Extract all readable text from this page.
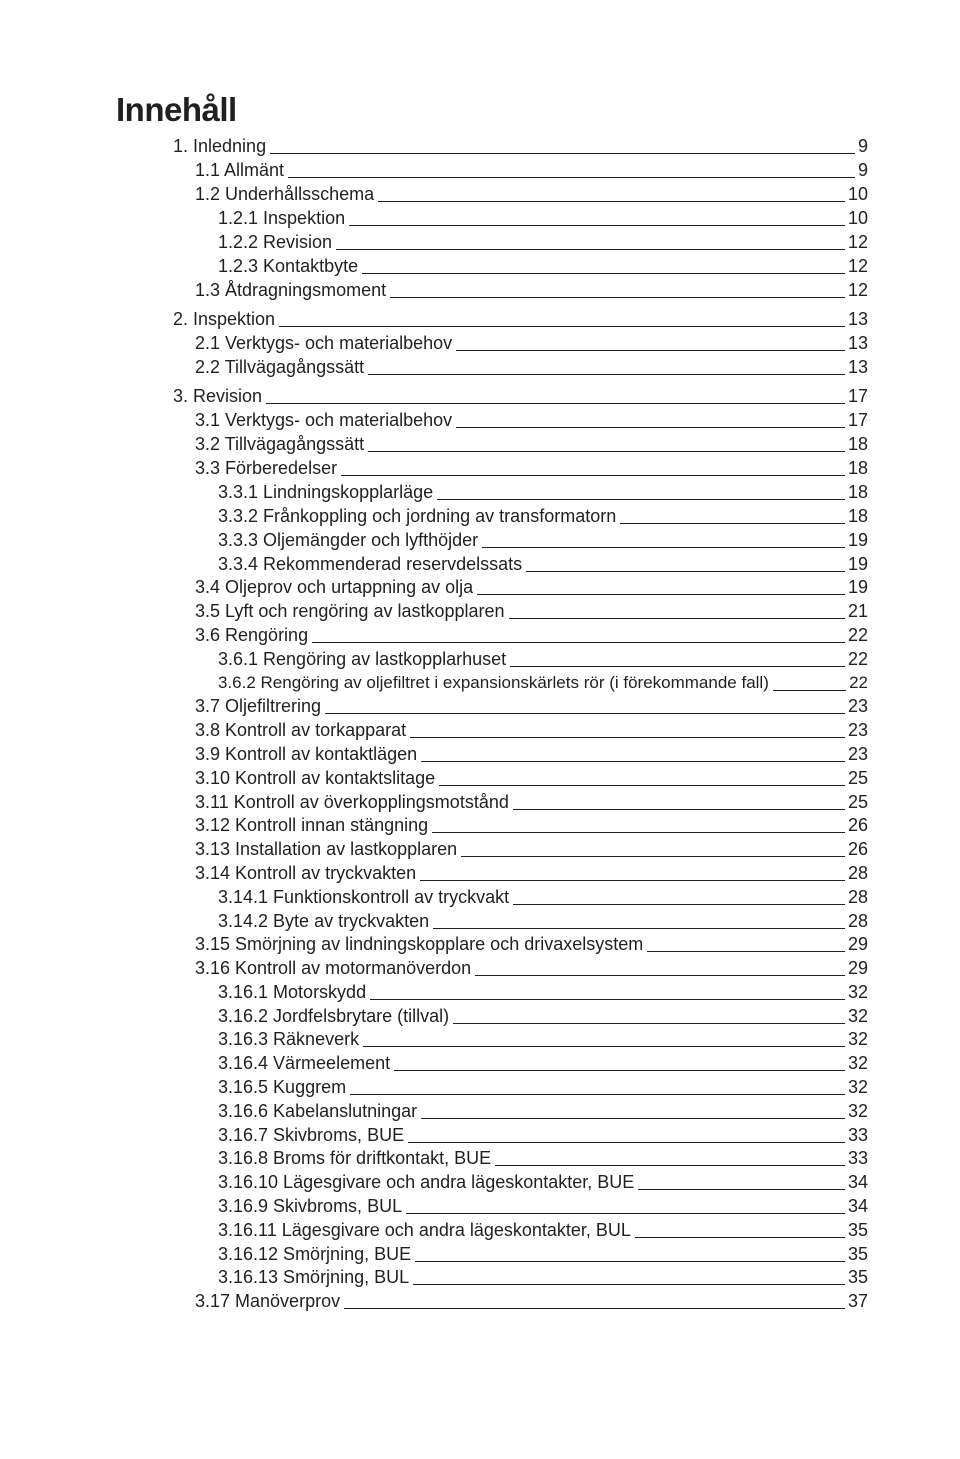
Innehåll
1. Inledning	9
1.1 Allmänt	9
1.2 Underhållsschema	10
1.2.1 Inspektion	10
1.2.2 Revision	12
1.2.3 Kontaktbyte	12
1.3 Åtdragningsmoment	12
2. Inspektion	13
2.1 Verktygs- och materialbehov	13
2.2 Tillvägagångssätt	13
3. Revision	17
3.1 Verktygs- och materialbehov	17
3.2 Tillvägagångssätt	18
3.3 Förberedelser	18
3.3.1 Lindningskopplarläge	18
3.3.2 Frånkoppling och jordning av transformatorn	18
3.3.3 Oljemängder och lyfthöjder	19
3.3.4 Rekommenderad reservdelssats	19
3.4 Oljeprov och urtappning av olja	19
3.5 Lyft och rengöring av lastkopplaren	21
3.6 Rengöring	22
3.6.1 Rengöring av lastkopplarhuset	22
3.6.2 Rengöring av oljefiltret i expansionskärlets rör (i förekommande fall)	22
3.7 Oljefiltrering	23
3.8 Kontroll av torkapparat	23
3.9 Kontroll av kontaktlägen	23
3.10 Kontroll av kontaktslitage	25
3.11 Kontroll av överkopplingsmotstånd	25
3.12 Kontroll innan stängning	26
3.13 Installation av lastkopplaren	26
3.14 Kontroll av tryckvakten	28
3.14.1 Funktionskontroll av tryckvakt	28
3.14.2 Byte av tryckvakten	28
3.15 Smörjning av lindningskopplare och drivaxelsystem	29
3.16 Kontroll av motormanöverdon	29
3.16.1 Motorskydd	32
3.16.2 Jordfelsbrytare (tillval)	32
3.16.3 Räkneverk	32
3.16.4 Värmeelement	32
3.16.5 Kuggrem	32
3.16.6 Kabelanslutningar	32
3.16.7 Skivbroms, BUE	33
3.16.8 Broms för driftkontakt, BUE	33
3.16.10 Lägesgivare och andra lägeskontakter, BUE	34
3.16.9 Skivbroms, BUL	34
3.16.11 Lägesgivare och andra lägeskontakter, BUL	35
3.16.12 Smörjning, BUE	35
3.16.13 Smörjning, BUL	35
3.17 Manöverprov	37
